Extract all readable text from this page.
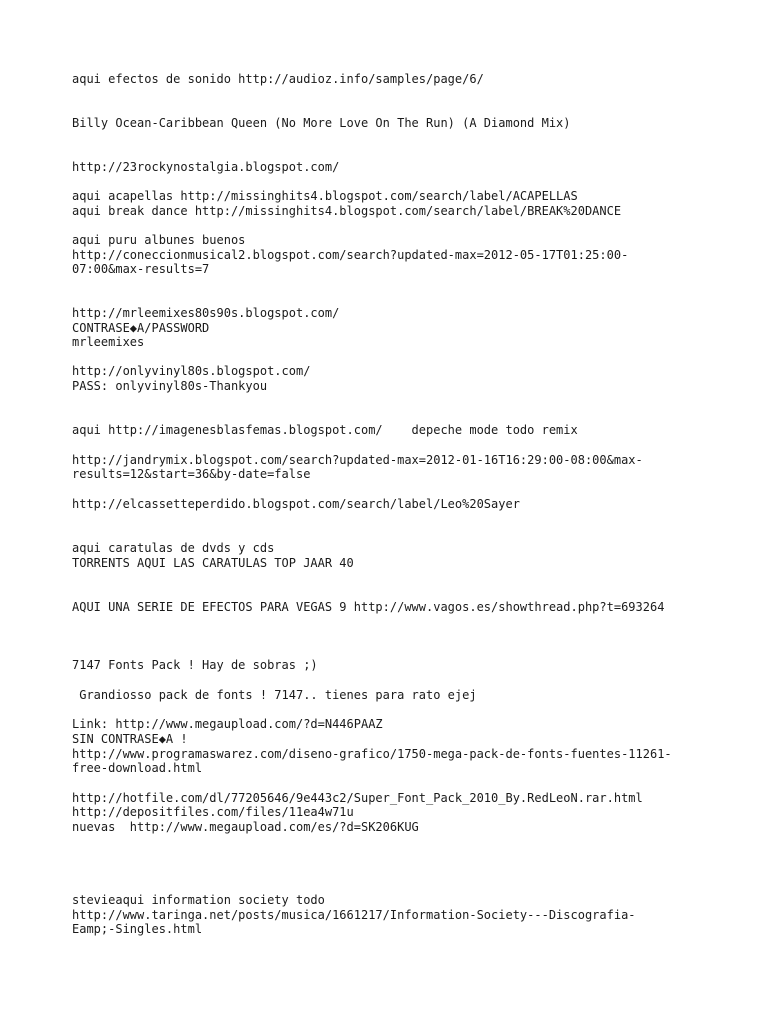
aqui efectos de sonido http://audioz.info/samples/page/6/
Billy Ocean-Caribbean Queen (No More Love On The Run) (A Diamond Mix)
http://23rockynostalgia.blogspot.com/
aqui acapellas http://missinghits4.blogspot.com/search/label/ACAPELLAS
aqui break dance http://missinghits4.blogspot.com/search/label/BREAK%20DANCE
aqui puru albunes buenos
http://coneccionmusical2.blogspot.com/search?updated-max=2012-05-17T01:25:00-
07:00&max-results=7
http://mrleemixes80s90s.blogspot.com/
CONTRASE◆A/PASSWORD
mrleemixes
http://onlyvinyl80s.blogspot.com/
PASS: onlyvinyl80s-Thankyou
aqui http://imagenesblasfemas.blogspot.com/    depeche mode todo remix
http://jandrymix.blogspot.com/search?updated-max=2012-01-16T16:29:00-08:00&max-
results=12&start=36&by-date=false
http://elcassetteperdido.blogspot.com/search/label/Leo%20Sayer
aqui caratulas de dvds y cds
TORRENTS AQUI LAS CARATULAS TOP JAAR 40
AQUI UNA SERIE DE EFECTOS PARA VEGAS 9 http://www.vagos.es/showthread.php?t=693264
7147 Fonts Pack ! Hay de sobras ;)
Grandiosso pack de fonts ! 7147.. tienes para rato ejej
Link: http://www.megaupload.com/?d=N446PAAZ
SIN CONTRASE◆A !
http://www.programaswarez.com/diseno-grafico/1750-mega-pack-de-fonts-fuentes-11261-
free-download.html
http://hotfile.com/dl/77205646/9e443c2/Super_Font_Pack_2010_By.RedLeoN.rar.html
http://depositfiles.com/files/11ea4w71u
nuevas  http://www.megaupload.com/es/?d=SK206KUG
stevieaqui information society todo
http://www.taringa.net/posts/musica/1661217/Information-Society---Discografia-
Eamp;-Singles.html
